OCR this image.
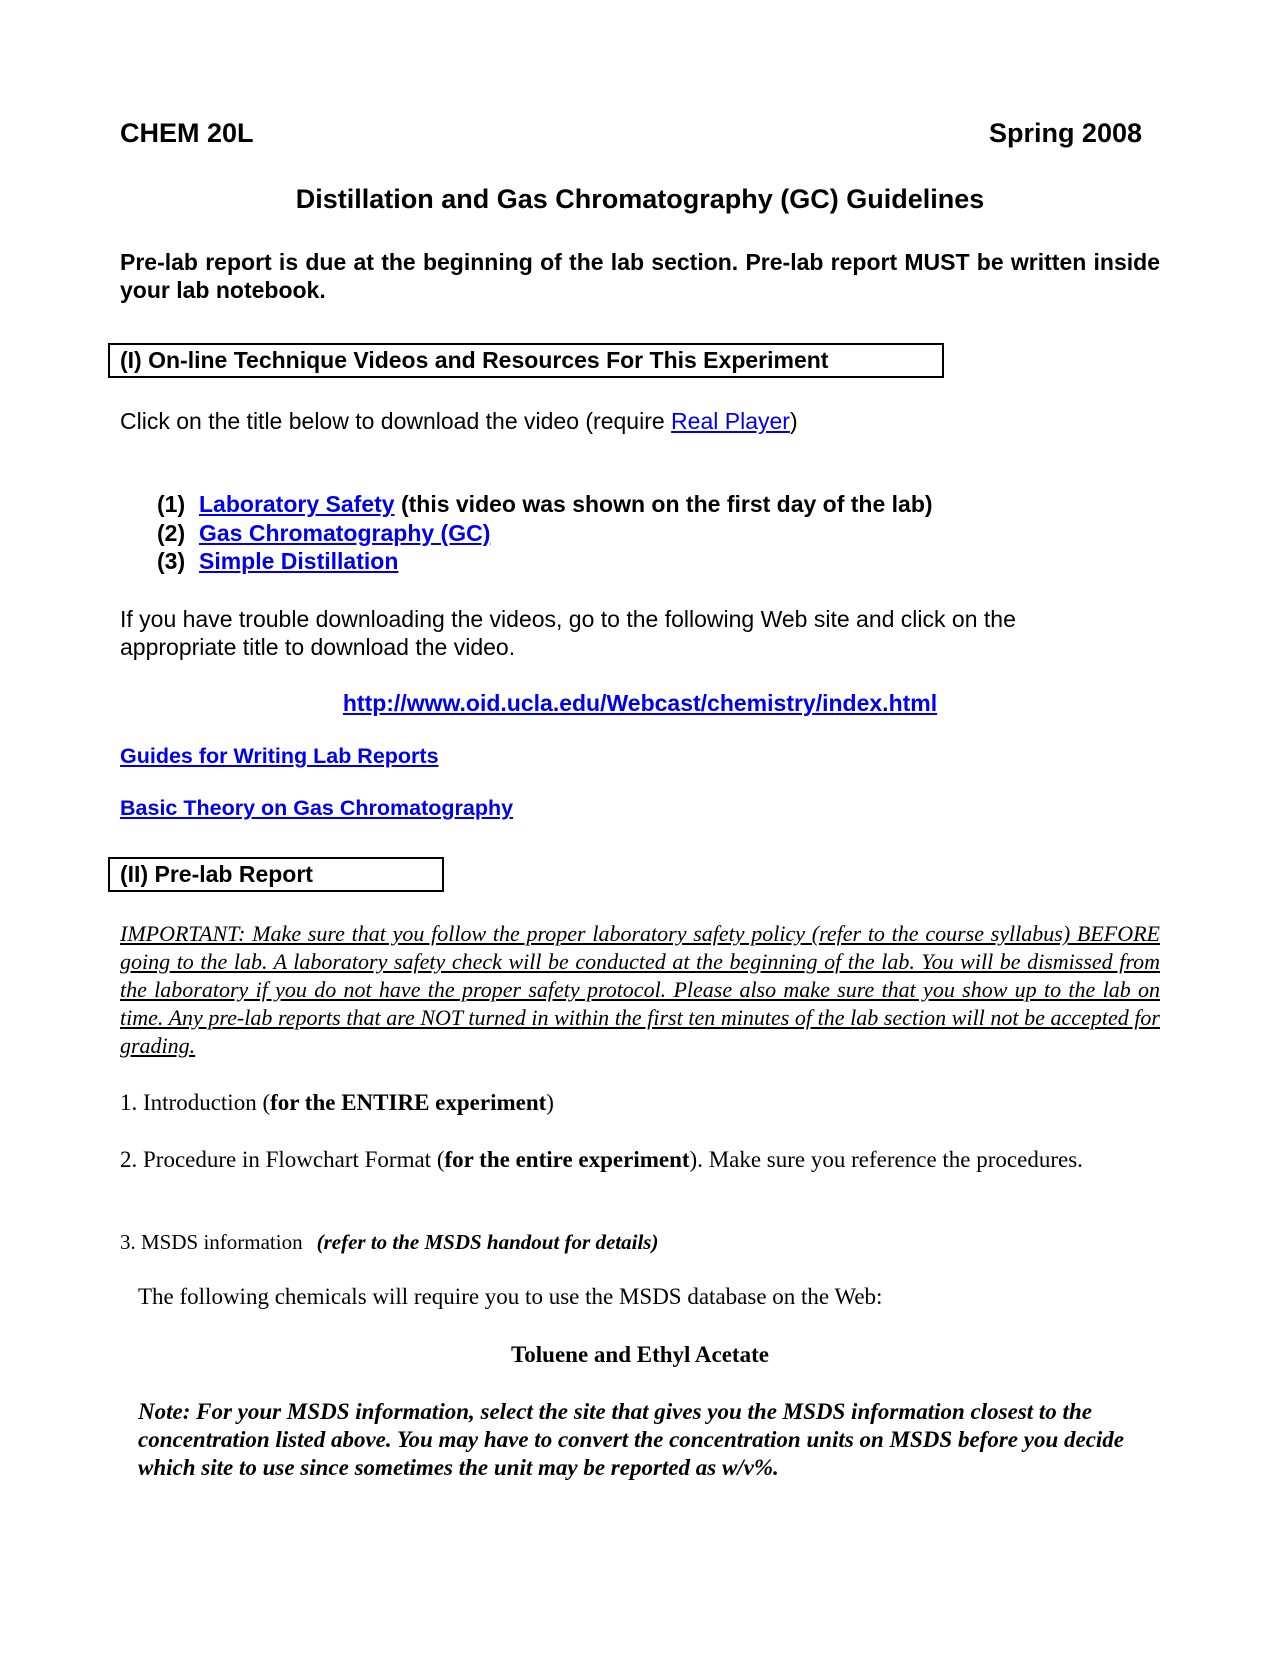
CHEM 20L	Spring 2008
Distillation and Gas Chromatography (GC) Guidelines
Pre-lab report is due at the beginning of the lab section. Pre-lab report MUST be written inside your lab notebook.
(I) On-line Technique Videos and Resources For This Experiment
Click on the title below to download the video (require Real Player)
(1) Laboratory Safety (this video was shown on the first day of the lab)
(2) Gas Chromatography (GC)
(3) Simple Distillation
If you have trouble downloading the videos, go to the following Web site and click on the appropriate title to download the video.
http://www.oid.ucla.edu/Webcast/chemistry/index.html
Guides for Writing Lab Reports
Basic Theory on Gas Chromatography
(II) Pre-lab Report
IMPORTANT: Make sure that you follow the proper laboratory safety policy (refer to the course syllabus) BEFORE going to the lab. A laboratory safety check will be conducted at the beginning of the lab. You will be dismissed from the laboratory if you do not have the proper safety protocol. Please also make sure that you show up to the lab on time. Any pre-lab reports that are NOT turned in within the first ten minutes of the lab section will not be accepted for grading.
1. Introduction (for the ENTIRE experiment)
2. Procedure in Flowchart Format (for the entire experiment). Make sure you reference the procedures.
3. MSDS information (refer to the MSDS handout for details)
The following chemicals will require you to use the MSDS database on the Web:
Toluene and Ethyl Acetate
Note: For your MSDS information, select the site that gives you the MSDS information closest to the concentration listed above. You may have to convert the concentration units on MSDS before you decide which site to use since sometimes the unit may be reported as w/v%.
